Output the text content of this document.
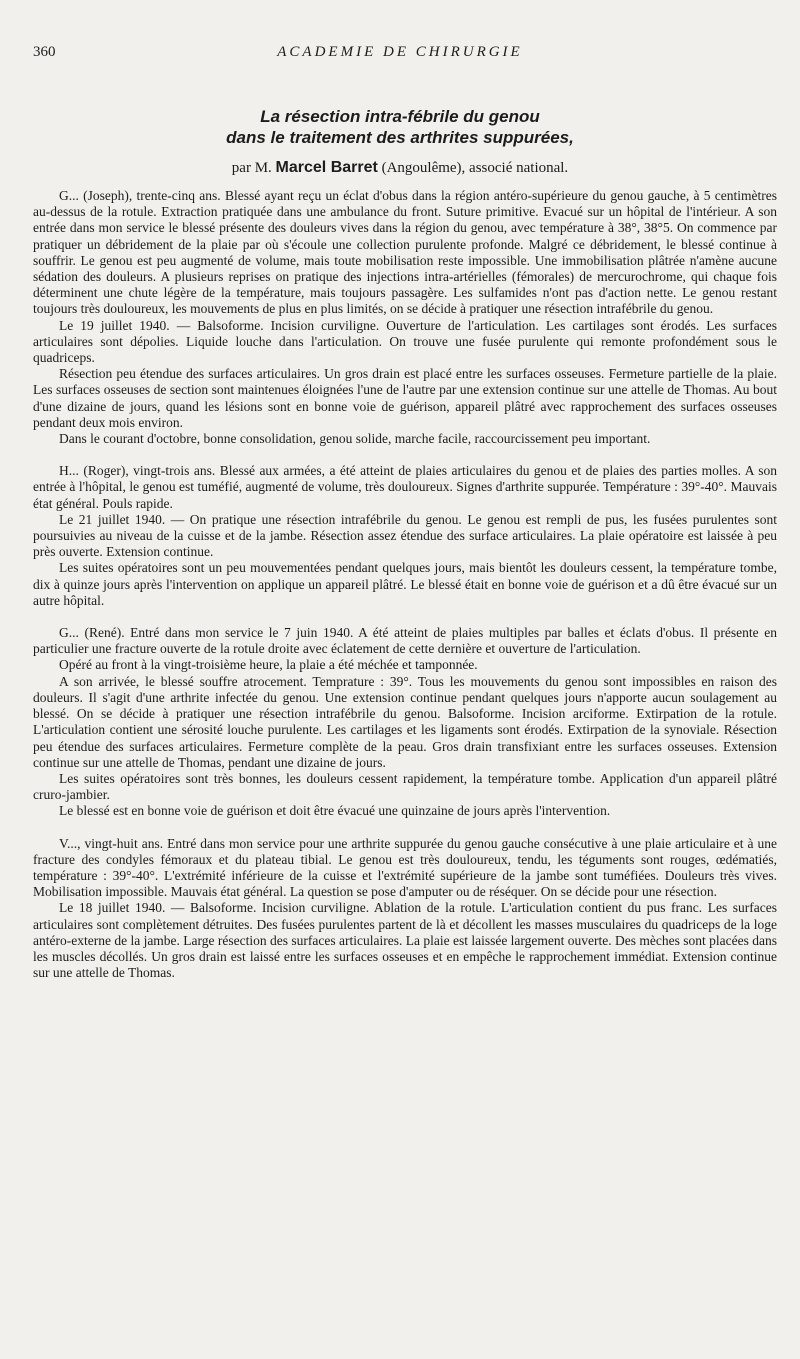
360	ACADEMIE DE CHIRURGIE
La résection intra-fébrile du genou
dans le traitement des arthrites suppurées,
par M. Marcel Barret (Angoulême), associé national.

G... (Joseph), trente-cinq ans. Blessé ayant reçu un éclat d'obus dans la région antéro-supérieure du genou gauche, à 5 centimètres au-dessus de la rotule. Extraction pratiquée dans une ambulance du front. Suture primitive. Evacué sur un hôpital de l'intérieur. A son entrée dans mon service le blessé présente des douleurs vives dans la région du genou, avec température à 38°, 38°5. On commence par pratiquer un débridement de la plaie par où s'écoule une collection purulente profonde. Malgré ce débridement, le blessé continue à souffrir. Le genou est peu augmenté de volume, mais toute mobilisation reste impossible. Une immobilisation plâtrée n'amène aucune sédation des douleurs. A plusieurs reprises on pratique des injections intra-artérielles (fémorales) de mercurochrome, qui chaque fois déterminent une chute légère de la température, mais toujours passagère. Les sulfamides n'ont pas d'action nette. Le genou restant toujours très douloureux, les mouvements de plus en plus limités, on se décide à pratiquer une résection intrafébrile du genou.

Le 19 juillet 1940. — Balsoforme. Incision curviligne. Ouverture de l'articulation. Les cartilages sont érodés. Les surfaces articulaires sont dépolies. Liquide louche dans l'articulation. On trouve une fusée purulente qui remonte profondément sous le quadriceps.

Résection peu étendue des surfaces articulaires. Un gros drain est placé entre les surfaces osseuses. Fermeture partielle de la plaie. Les surfaces osseuses de section sont maintenues éloignées l'une de l'autre par une extension continue sur une attelle de Thomas. Au bout d'une dizaine de jours, quand les lésions sont en bonne voie de guérison, appareil plâtré avec rapprochement des surfaces osseuses pendant deux mois environ.

Dans le courant d'octobre, bonne consolidation, genou solide, marche facile, raccourcissement peu important.

H... (Roger), vingt-trois ans. Blessé aux armées, a été atteint de plaies articulaires du genou et de plaies des parties molles. A son entrée à l'hôpital, le genou est tuméfié, augmenté de volume, très douloureux. Signes d'arthrite suppurée. Température : 39°-40°. Mauvais état général. Pouls rapide.

Le 21 juillet 1940. — On pratique une résection intrafébrile du genou. Le genou est rempli de pus, les fusées purulentes sont poursuivies au niveau de la cuisse et de la jambe. Résection assez étendue des surface articulaires. La plaie opératoire est laissée à peu près ouverte. Extension continue.

Les suites opératoires sont un peu mouvementées pendant quelques jours, mais bientôt les douleurs cessent, la température tombe, dix à quinze jours après l'intervention on applique un appareil plâtré. Le blessé était en bonne voie de guérison et a dû être évacué sur un autre hôpital.

G... (René). Entré dans mon service le 7 juin 1940. A été atteint de plaies multiples par balles et éclats d'obus. Il présente en particulier une fracture ouverte de la rotule droite avec éclatement de cette dernière et ouverture de l'articulation.

Opéré au front à la vingt-troisième heure, la plaie a été méchée et tamponnée.

A son arrivée, le blessé souffre atrocement. Temprature : 39°. Tous les mouvements du genou sont impossibles en raison des douleurs. Il s'agit d'une arthrite infectée du genou. Une extension continue pendant quelques jours n'apporte aucun soulagement au blessé. On se décide à pratiquer une résection intrafébrile du genou. Balsoforme. Incision arciforme. Extirpation de la rotule. L'articulation contient une sérosité louche purulente. Les cartilages et les ligaments sont érodés. Extirpation de la synoviale. Résection peu étendue des surfaces articulaires. Fermeture complète de la peau. Gros drain transfixiant entre les surfaces osseuses. Extension continue sur une attelle de Thomas, pendant une dizaine de jours.

Les suites opératoires sont très bonnes, les douleurs cessent rapidement, la température tombe. Application d'un appareil plâtré cruro-jambier.

Le blessé est en bonne voie de guérison et doit être évacué une quinzaine de jours après l'intervention.

V..., vingt-huit ans. Entré dans mon service pour une arthrite suppurée du genou gauche consécutive à une plaie articulaire et à une fracture des condyles fémoraux et du plateau tibial. Le genou est très douloureux, tendu, les téguments sont rouges, œdématiés, température : 39°-40°. L'extrémité inférieure de la cuisse et l'extrémité supérieure de la jambe sont tuméfiées. Douleurs très vives. Mobilisation impossible. Mauvais état général. La question se pose d'amputer ou de réséquer. On se décide pour une résection.

Le 18 juillet 1940. — Balsoforme. Incision curviligne. Ablation de la rotule. L'articulation contient du pus franc. Les surfaces articulaires sont complètement détruites. Des fusées purulentes partent de là et décollent les masses musculaires du quadriceps de la loge antéro-externe de la jambe. Large résection des surfaces articulaires. La plaie est laissée largement ouverte. Des mèches sont placées dans les muscles décollés. Un gros drain est laissé entre les surfaces osseuses et en empêche le rapprochement immédiat. Extension continue sur une attelle de Thomas.
